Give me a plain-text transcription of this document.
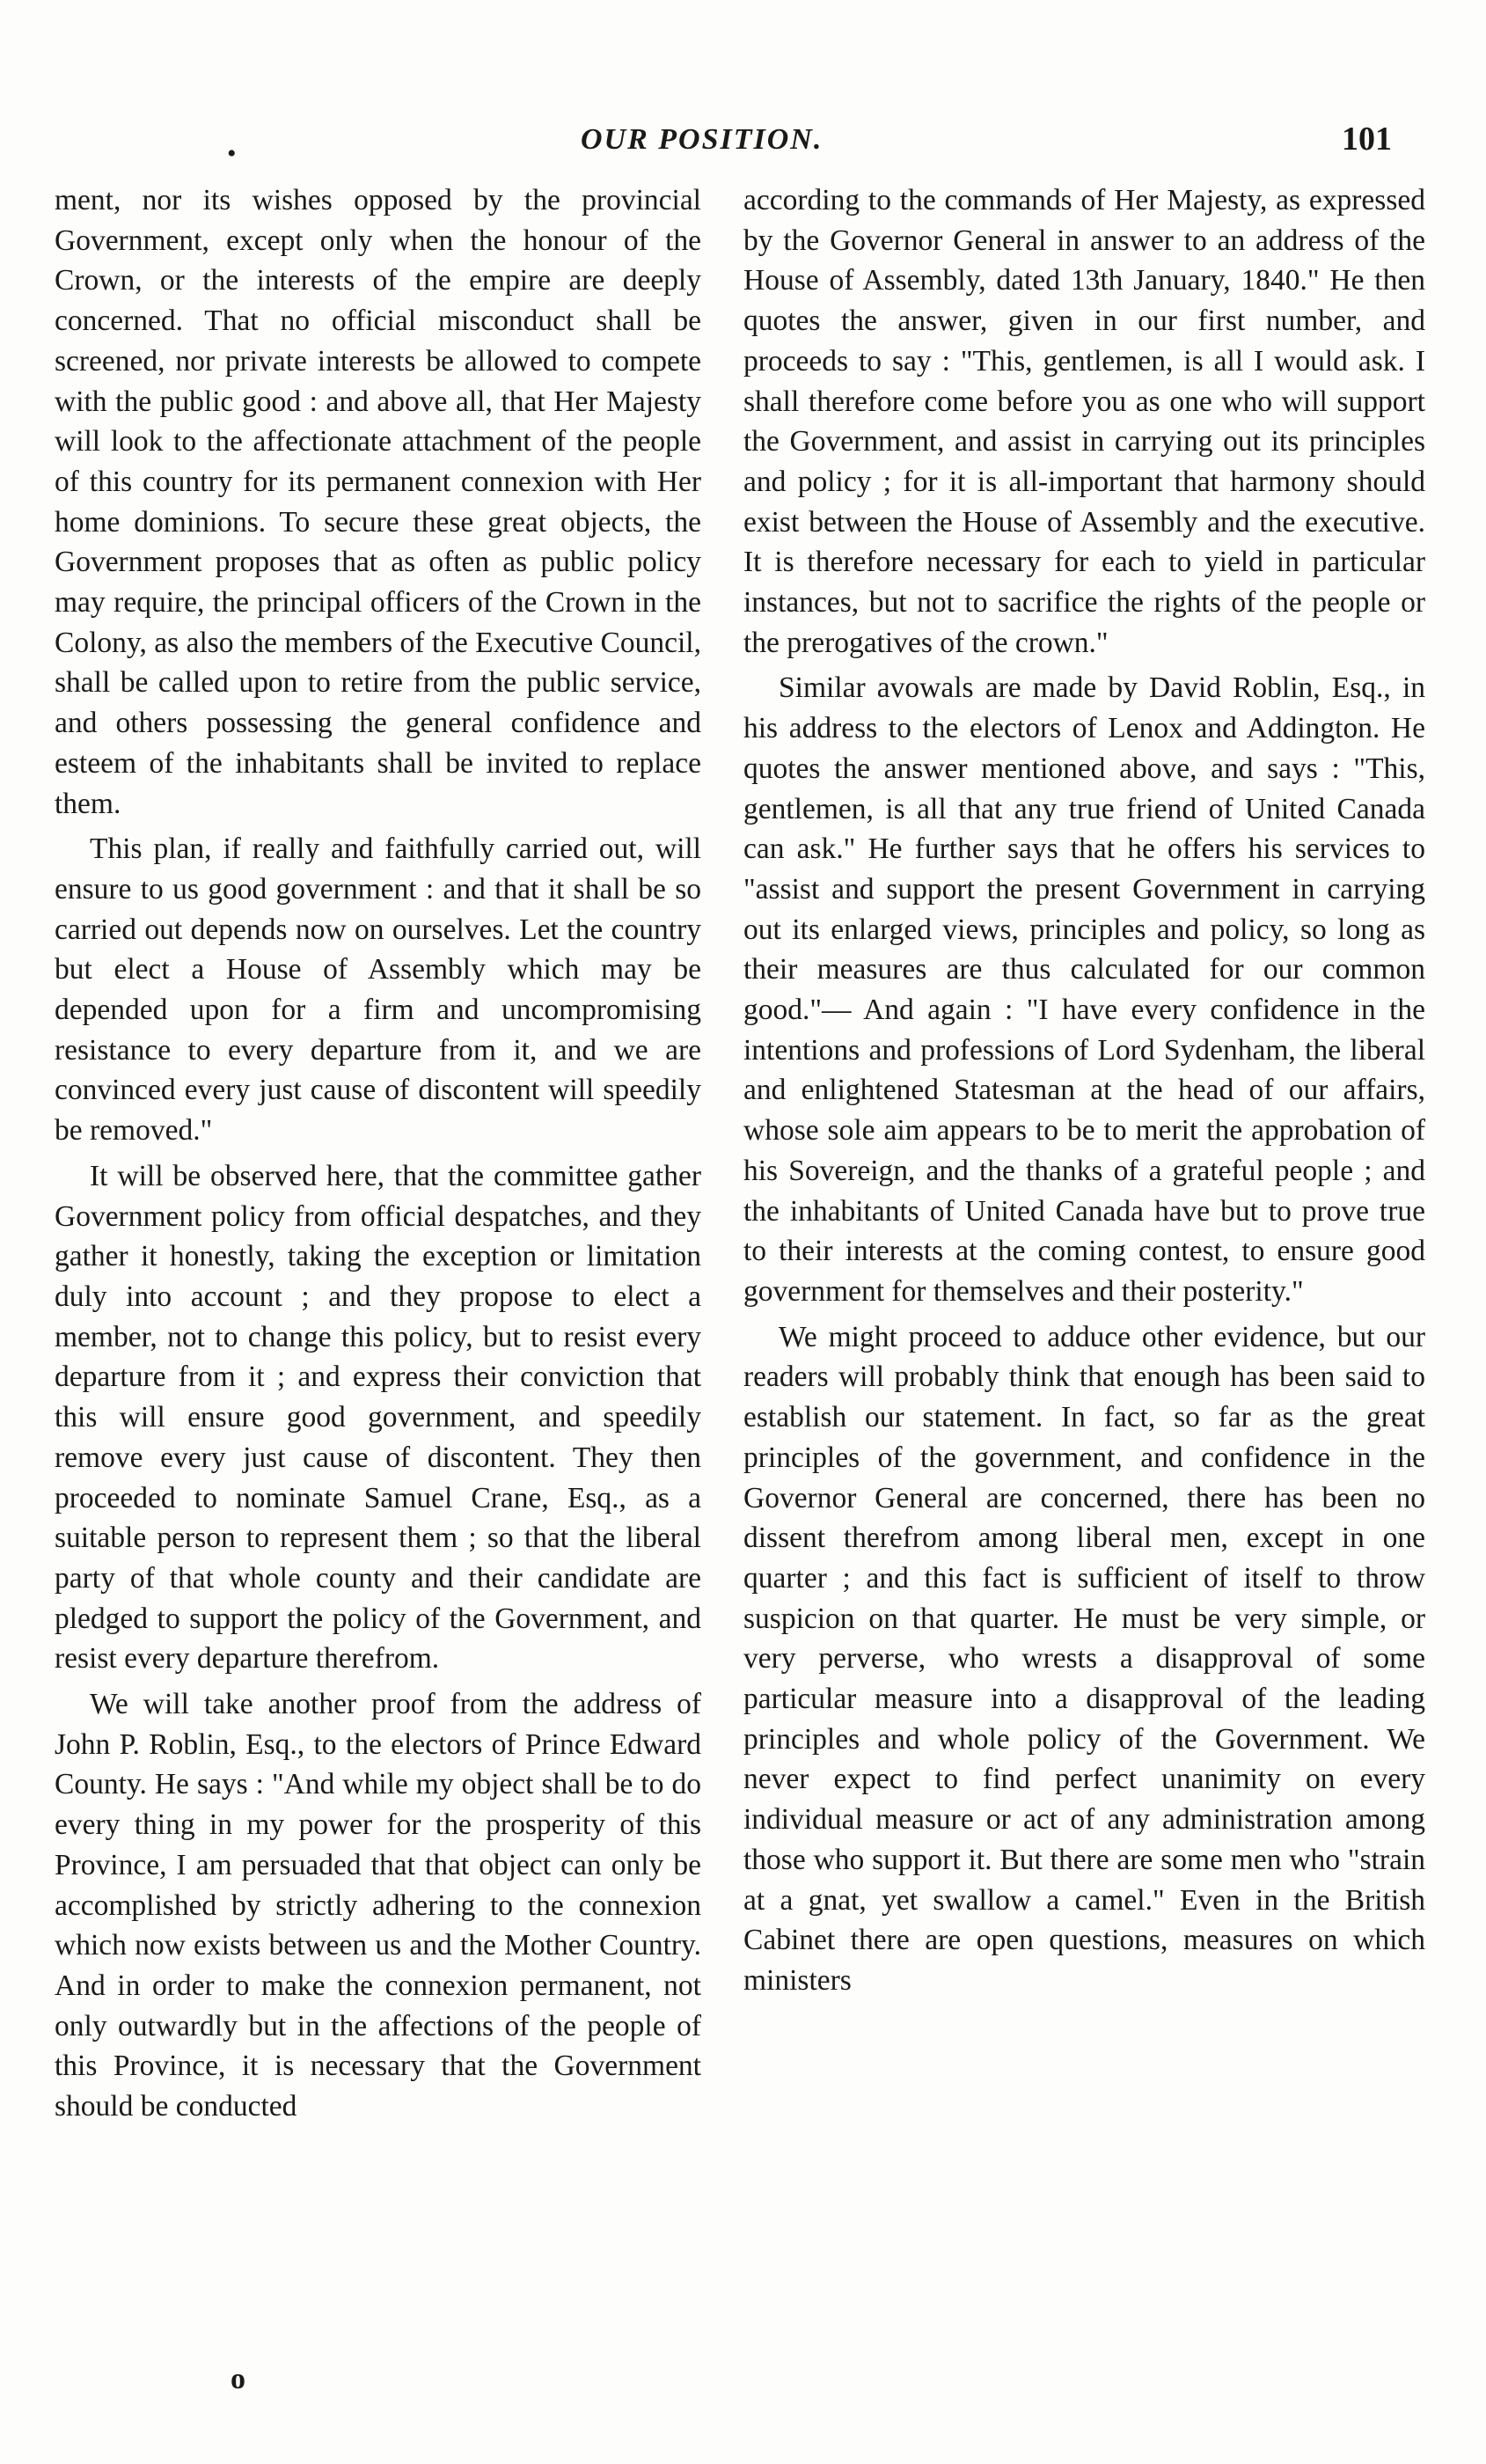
•	OUR POSITION.	101

ment, nor its wishes opposed by the provincial Government, except only when the honour of the Crown, or the interests of the empire are deeply concerned. That no official misconduct shall be screened, nor private interests be allowed to compete with the public good : and above all, that Her Majesty will look to the affectionate attachment of the people of this country for its permanent connexion with Her home dominions. To secure these great objects, the Government proposes that as often as public policy may require, the principal officers of the Crown in the Colony, as also the members of the Executive Council, shall be called upon to retire from the public service, and others possessing the general confidence and esteem of the inhabitants shall be invited to replace them.

This plan, if really and faithfully carried out, will ensure to us good government : and that it shall be so carried out depends now on ourselves. Let the country but elect a House of Assembly which may be depended upon for a firm and uncompromising resistance to every departure from it, and we are convinced every just cause of discontent will speedily be removed."

It will be observed here, that the committee gather Government policy from official despatches, and they gather it honestly, taking the exception or limitation duly into account ; and they propose to elect a member, not to change this policy, but to resist every departure from it ; and express their conviction that this will ensure good government, and speedily remove every just cause of discontent. They then proceeded to nominate Samuel Crane, Esq., as a suitable person to represent them ; so that the liberal party of that whole county and their candidate are pledged to support the policy of the Government, and resist every departure therefrom.

We will take another proof from the address of John P. Roblin, Esq., to the electors of Prince Edward County. He says : "And while my object shall be to do every thing in my power for the prosperity of this Province, I am persuaded that that object can only be accomplished by strictly adhering to the connexion which now exists between us and the Mother Country. And in order to make the connexion permanent, not only outwardly but in the affections of the people of this Province, it is necessary that the Government should be conducted

according to the commands of Her Majesty, as expressed by the Governor General in answer to an address of the House of Assembly, dated 13th January, 1840." He then quotes the answer, given in our first number, and proceeds to say : "This, gentlemen, is all I would ask. I shall therefore come before you as one who will support the Government, and assist in carrying out its principles and policy ; for it is all-important that harmony should exist between the House of Assembly and the executive. It is therefore necessary for each to yield in particular instances, but not to sacrifice the rights of the people or the prerogatives of the crown."

Similar avowals are made by David Roblin, Esq., in his address to the electors of Lenox and Addington. He quotes the answer mentioned above, and says : "This, gentlemen, is all that any true friend of United Canada can ask." He further says that he offers his services to "assist and support the present Government in carrying out its enlarged views, principles and policy, so long as their measures are thus calculated for our common good."— And again : "I have every confidence in the intentions and professions of Lord Sydenham, the liberal and enlightened Statesman at the head of our affairs, whose sole aim appears to be to merit the approbation of his Sovereign, and the thanks of a grateful people ; and the inhabitants of United Canada have but to prove true to their interests at the coming contest, to ensure good government for themselves and their posterity."

We might proceed to adduce other evidence, but our readers will probably think that enough has been said to establish our statement. In fact, so far as the great principles of the government, and confidence in the Governor General are concerned, there has been no dissent therefrom among liberal men, except in one quarter ; and this fact is sufficient of itself to throw suspicion on that quarter. He must be very simple, or very perverse, who wrests a disapproval of some particular measure into a disapproval of the leading principles and whole policy of the Government. We never expect to find perfect unanimity on every individual measure or act of any administration among those who support it. But there are some men who "strain at a gnat, yet swallow a camel." Even in the British Cabinet there are open questions, measures on which ministers

o
